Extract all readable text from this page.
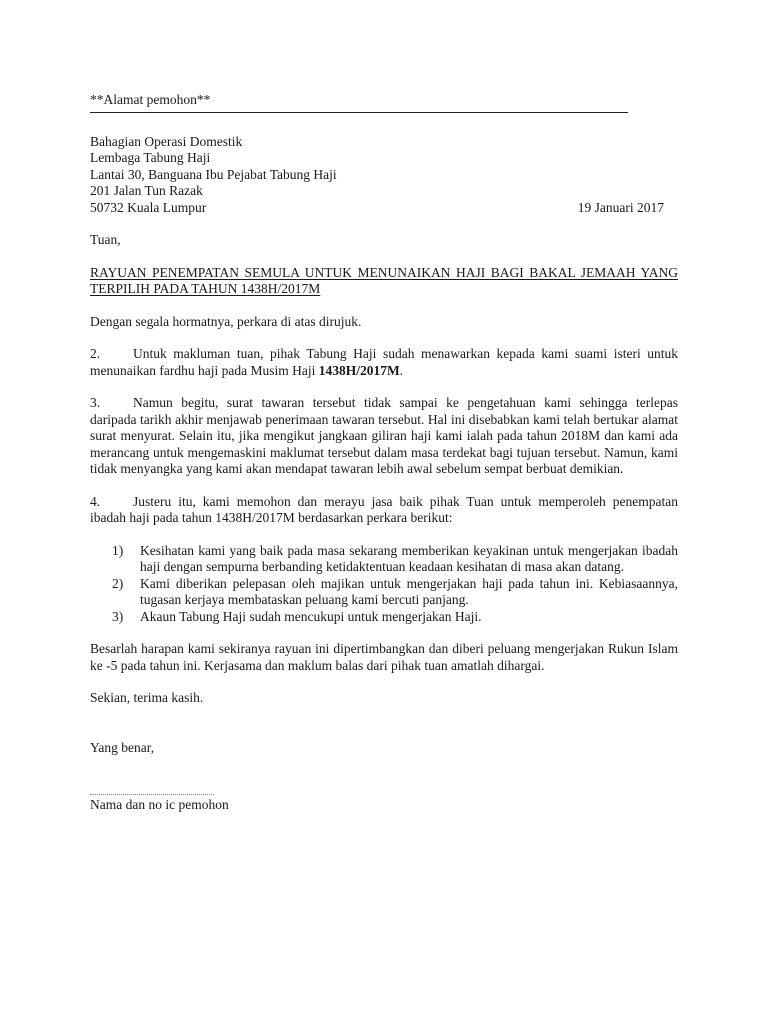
**Alamat pemohon**

Bahagian Operasi Domestik
Lembaga Tabung Haji
Lantai 30, Banguana Ibu Pejabat Tabung Haji
201 Jalan Tun Razak
50732 Kuala Lumpur	19 Januari 2017

Tuan,

RAYUAN PENEMPATAN SEMULA UNTUK MENUNAIKAN HAJI BAGI BAKAL JEMAAH YANG TERPILIH PADA TAHUN 1438H/2017M

Dengan segala hormatnya, perkara di atas dirujuk.

2. Untuk makluman tuan, pihak Tabung Haji sudah menawarkan kepada kami suami isteri untuk
menunaikan fardhu haji pada Musim Haji 1438H/2017M.
3. Namun begitu, surat tawaran tersebut tidak sampai ke pengetahuan kami sehingga terlepas
daripada tarikh akhir menjawab penerimaan tawaran tersebut. Hal ini disebabkan kami telah bertukar alamat surat menyurat. Selain itu, jika mengikut jangkaan giliran haji kami ialah pada tahun 2018M dan kami ada merancang untuk mengemaskini maklumat tersebut dalam masa terdekat bagi tujuan tersebut. Namun, kami tidak menyangka yang kami akan mendapat tawaran lebih awal sebelum sempat berbuat demikian.
4. Justeru itu, kami memohon dan merayu jasa baik pihak Tuan untuk memperoleh penempatan
ibadah haji pada tahun 1438H/2017M berdasarkan perkara berikut:
1)	Kesihatan kami yang baik pada masa sekarang memberikan keyakinan untuk mengerjakan ibadah haji dengan sempurna berbanding ketidaktentuan keadaan kesihatan di masa akan datang.
2)	Kami diberikan pelepasan oleh majikan untuk mengerjakan haji pada tahun ini. Kebiasaannya, tugasan kerjaya membataskan peluang kami bercuti panjang.
3)	Akaun Tabung Haji sudah mencukupi untuk mengerjakan Haji.

Besarlah harapan kami sekiranya rayuan ini dipertimbangkan dan diberi peluang mengerjakan Rukun Islam ke -5 pada tahun ini. Kerjasama dan maklum balas dari pihak tuan amatlah dihargai.

Sekian, terima kasih.

Yang benar,

Nama dan no ic pemohon
